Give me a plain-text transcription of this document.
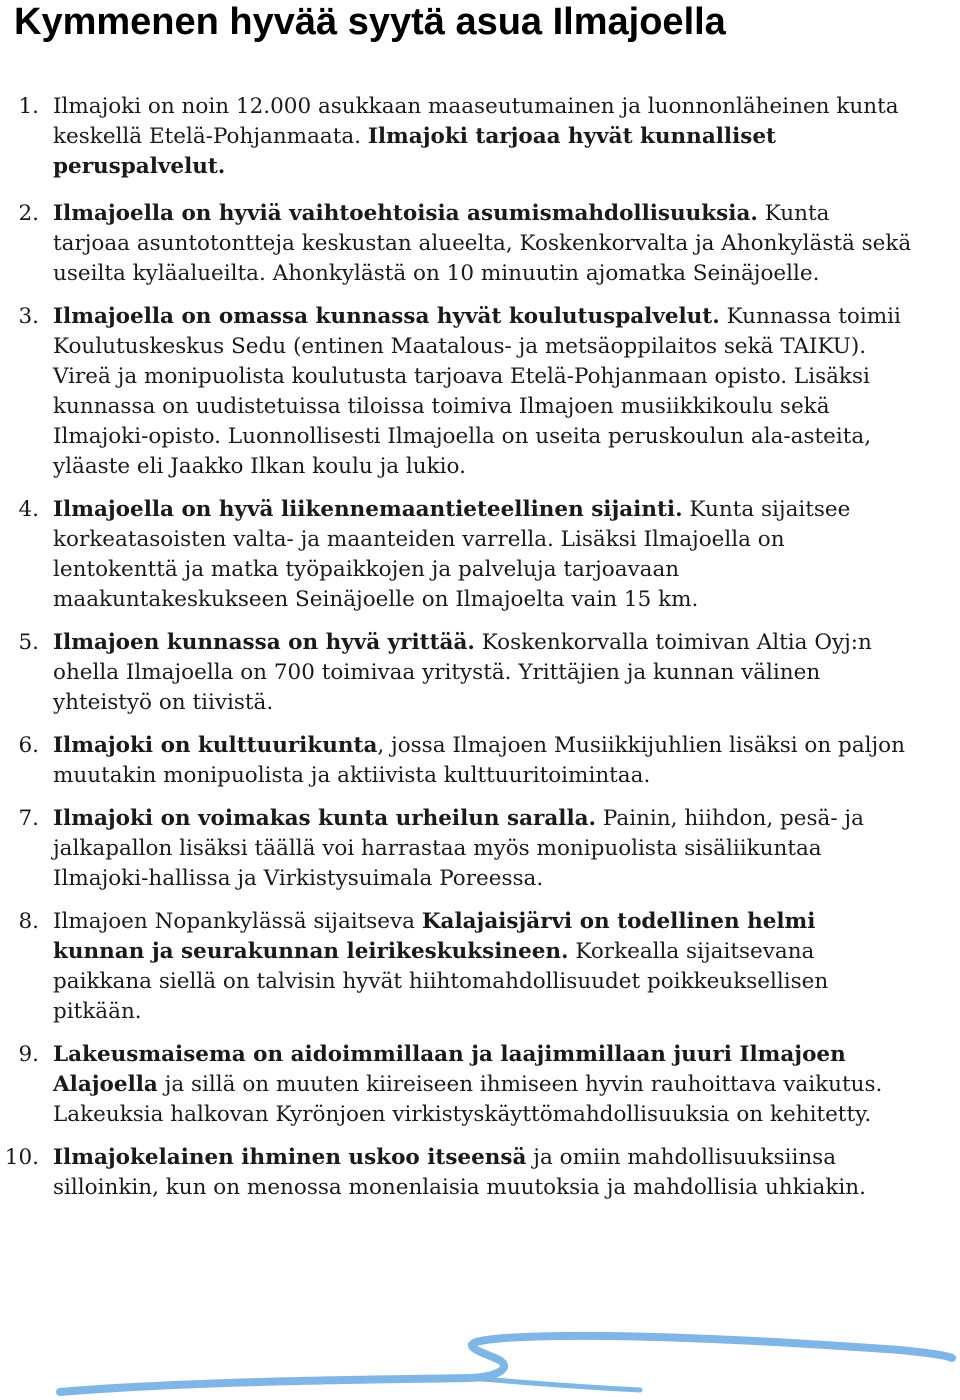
Kymmenen hyvää syytä asua Ilmajoella
1. Ilmajoki on noin 12.000 asukkaan maaseutumainen ja luonnonläheinen kunta keskellä Etelä-Pohjanmaata. Ilmajoki tarjoaa hyvät kunnalliset peruspalvelut.
2. Ilmajoella on hyviä vaihtoehtoisia asumismahdollisuuksia. Kunta tarjoaa asuntotontteja keskustan alueelta, Koskenkorvalta ja Ahonkylästä sekä useilta kyläalueilta. Ahonkylästä on 10 minuutin ajomatka Seinäjoelle.
3. Ilmajoella on omassa kunnassa hyvät koulutuspalvelut. Kunnassa toimii Koulutuskeskus Sedu (entinen Maatalous- ja metsäoppilaitos sekä TAIKU). Vireä ja monipuolista koulutusta tarjoava Etelä-Pohjanmaan opisto. Lisäksi kunnassa on uudistetuissa tiloissa toimiva Ilmajoen musiikkikoulu sekä Ilmajoki-opisto. Luonnollisesti Ilmajoella on useita peruskoulun ala-asteita, yläaste eli Jaakko Ilkan koulu ja lukio.
4. Ilmajoella on hyvä liikennemaantieteellinen sijainti. Kunta sijaitsee korkeatasoisten valta- ja maanteiden varrella. Lisäksi Ilmajoella on lentokenttä ja matka työpaikkojen ja palveluja tarjoavaan maakuntakeskukseen Seinäjoelle on Ilmajoelta vain 15 km.
5. Ilmajoen kunnassa on hyvä yrittää. Koskenkorvalla toimivan Altia Oyj:n ohella Ilmajoella on 700 toimivaa yritystä. Yrittäjien ja kunnan välinen yhteistyö on tiivistä.
6. Ilmajoki on kulttuurikunta, jossa Ilmajoen Musiikkijuhlien lisäksi on paljon muutakin monipuolista ja aktiivista kulttuuritoimintaa.
7. Ilmajoki on voimakas kunta urheilun saralla. Painin, hiihdon, pesä- ja jalkapallon lisäksi täällä voi harrastaa myös monipuolista sisäliikuntaa Ilmajoki-hallissa ja Virkistysuimala Poreessa.
8. Ilmajoen Nopankylässä sijaitseva Kalajaisjärvi on todellinen helmi kunnan ja seurakunnan leirikeskuksineen. Korkealla sijaitsevana paikkana siellä on talvisin hyvät hiihtomahdollisuudet poikkeuksellisen pitkään.
9. Lakeusmaisema on aidoimmillaan ja laajimmillaan juuri Ilmajoen Alajoella ja sillä on muuten kiireiseen ihmiseen hyvin rauhoittava vaikutus. Lakeuksia halkovan Kyrönjoen virkistyskäyttömahdollisuuksia on kehitetty.
10. Ilmajokelainen ihminen uskoo itseensä ja omiin mahdollisuuksiinsa silloinkin, kun on menossa monenlaisia muutoksia ja mahdollisia uhkiakin.
